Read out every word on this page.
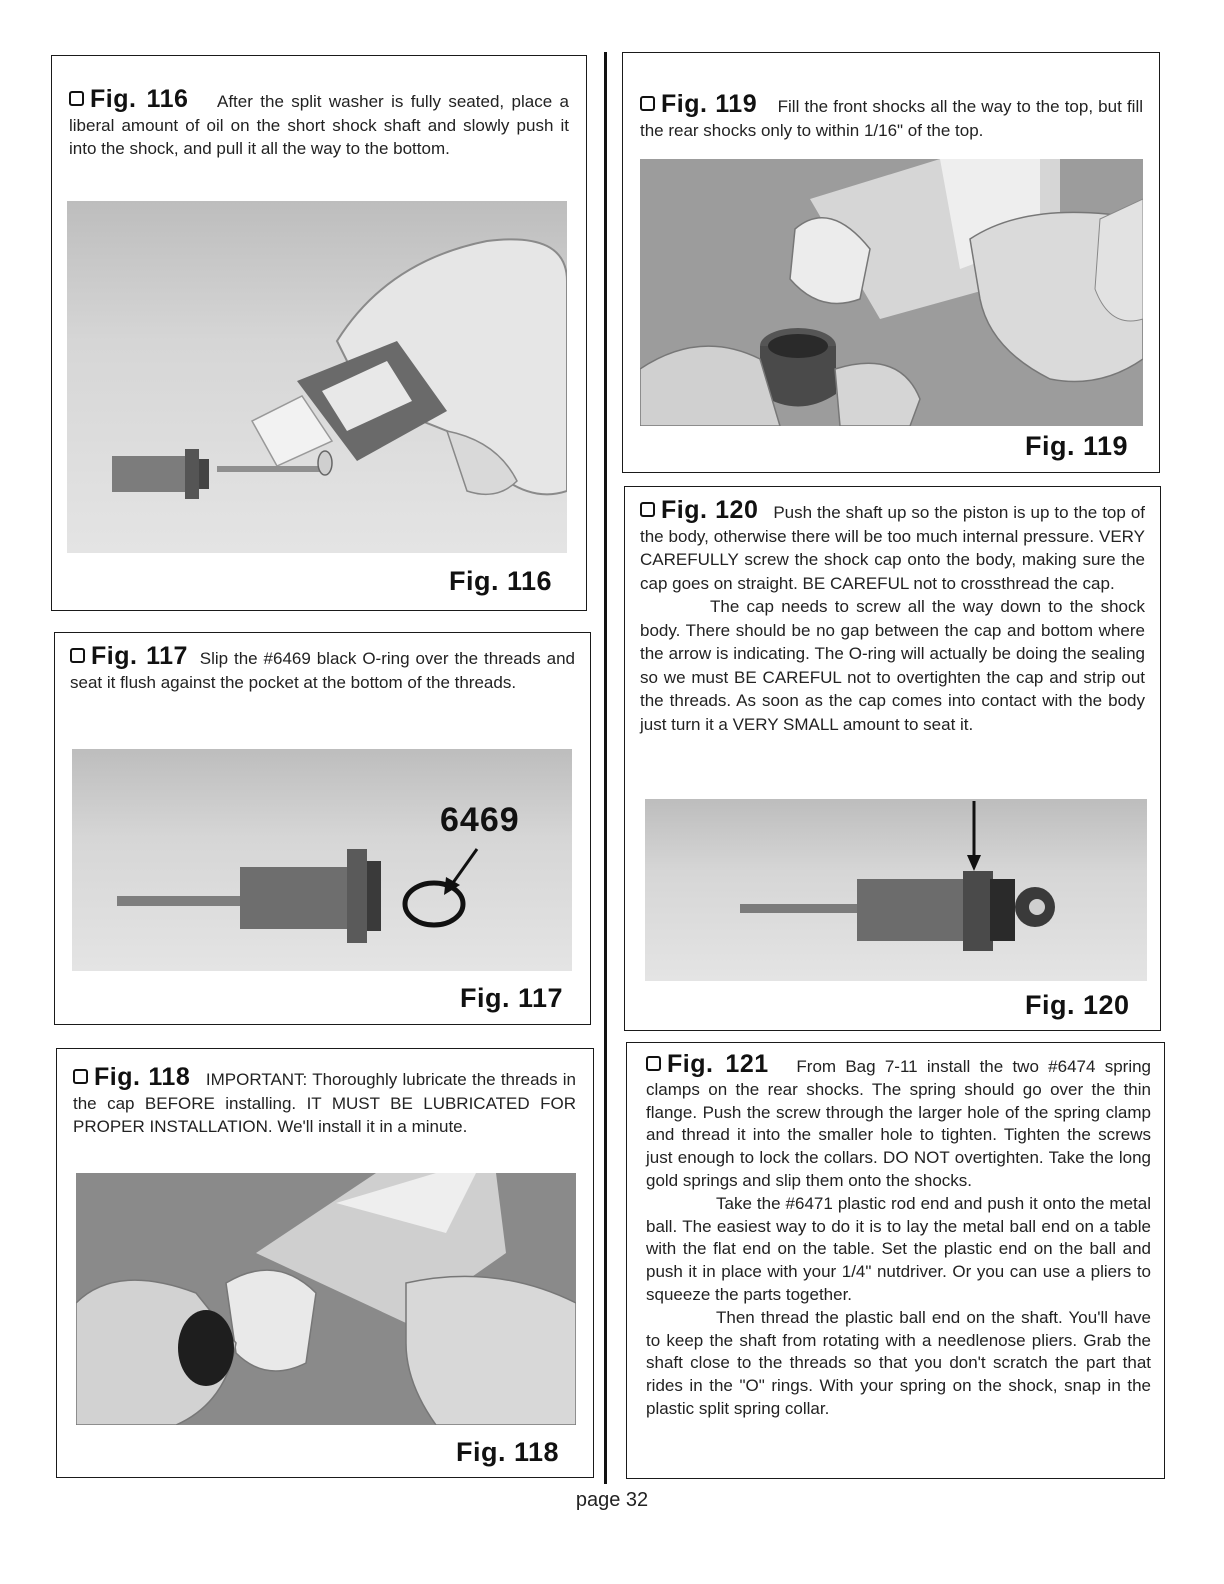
Fig. 116 After the split washer is fully seated, place a liberal amount of oil on the short shock shaft and slowly push it into the shock, and pull it all the way to the bottom.

Fig. 116

Fig. 117 Slip the #6469 black O-ring over the threads and seat it flush against the pocket at the bottom of the threads.

6469
Fig. 117

Fig. 118 IMPORTANT: Thoroughly lubricate the threads in the cap BEFORE installing. IT MUST BE LUBRICATED FOR PROPER INSTALLATION. We'll install it in a minute.

Fig. 118

Fig. 119 Fill the front shocks all the way to the top, but fill the rear shocks only to within 1/16" of the top.

Fig. 119

Fig. 120 Push the shaft up so the piston is up to the top of the body, otherwise there will be too much internal pressure. VERY CAREFULLY screw the shock cap onto the body, making sure the cap goes on straight. BE CAREFUL not to crossthread the cap.

The cap needs to screw all the way down to the shock body. There should be no gap between the cap and bottom where the arrow is indicating. The O-ring will actually be doing the sealing so we must BE CAREFUL not to overtighten the cap and strip out the threads. As soon as the cap comes into contact with the body just turn it a VERY SMALL amount to seat it.

Fig. 120

Fig. 121 From Bag 7-11 install the two #6474 spring clamps on the rear shocks. The spring should go over the thin flange. Push the screw through the larger hole of the spring clamp and thread it into the smaller hole to tighten. Tighten the screws just enough to lock the collars. DO NOT overtighten. Take the long gold springs and slip them onto the shocks.

Take the #6471 plastic rod end and push it onto the metal ball. The easiest way to do it is to lay the metal ball end on a table with the flat end on the table. Set the plastic end on the ball and push it in place with your 1/4" nutdriver. Or you can use a pliers to squeeze the parts together.

Then thread the plastic ball end on the shaft. You'll have to keep the shaft from rotating with a needlenose pliers. Grab the shaft close to the threads so that you don't scratch the part that rides in the "O" rings. With your spring on the shock, snap in the plastic split spring collar.

page 32
